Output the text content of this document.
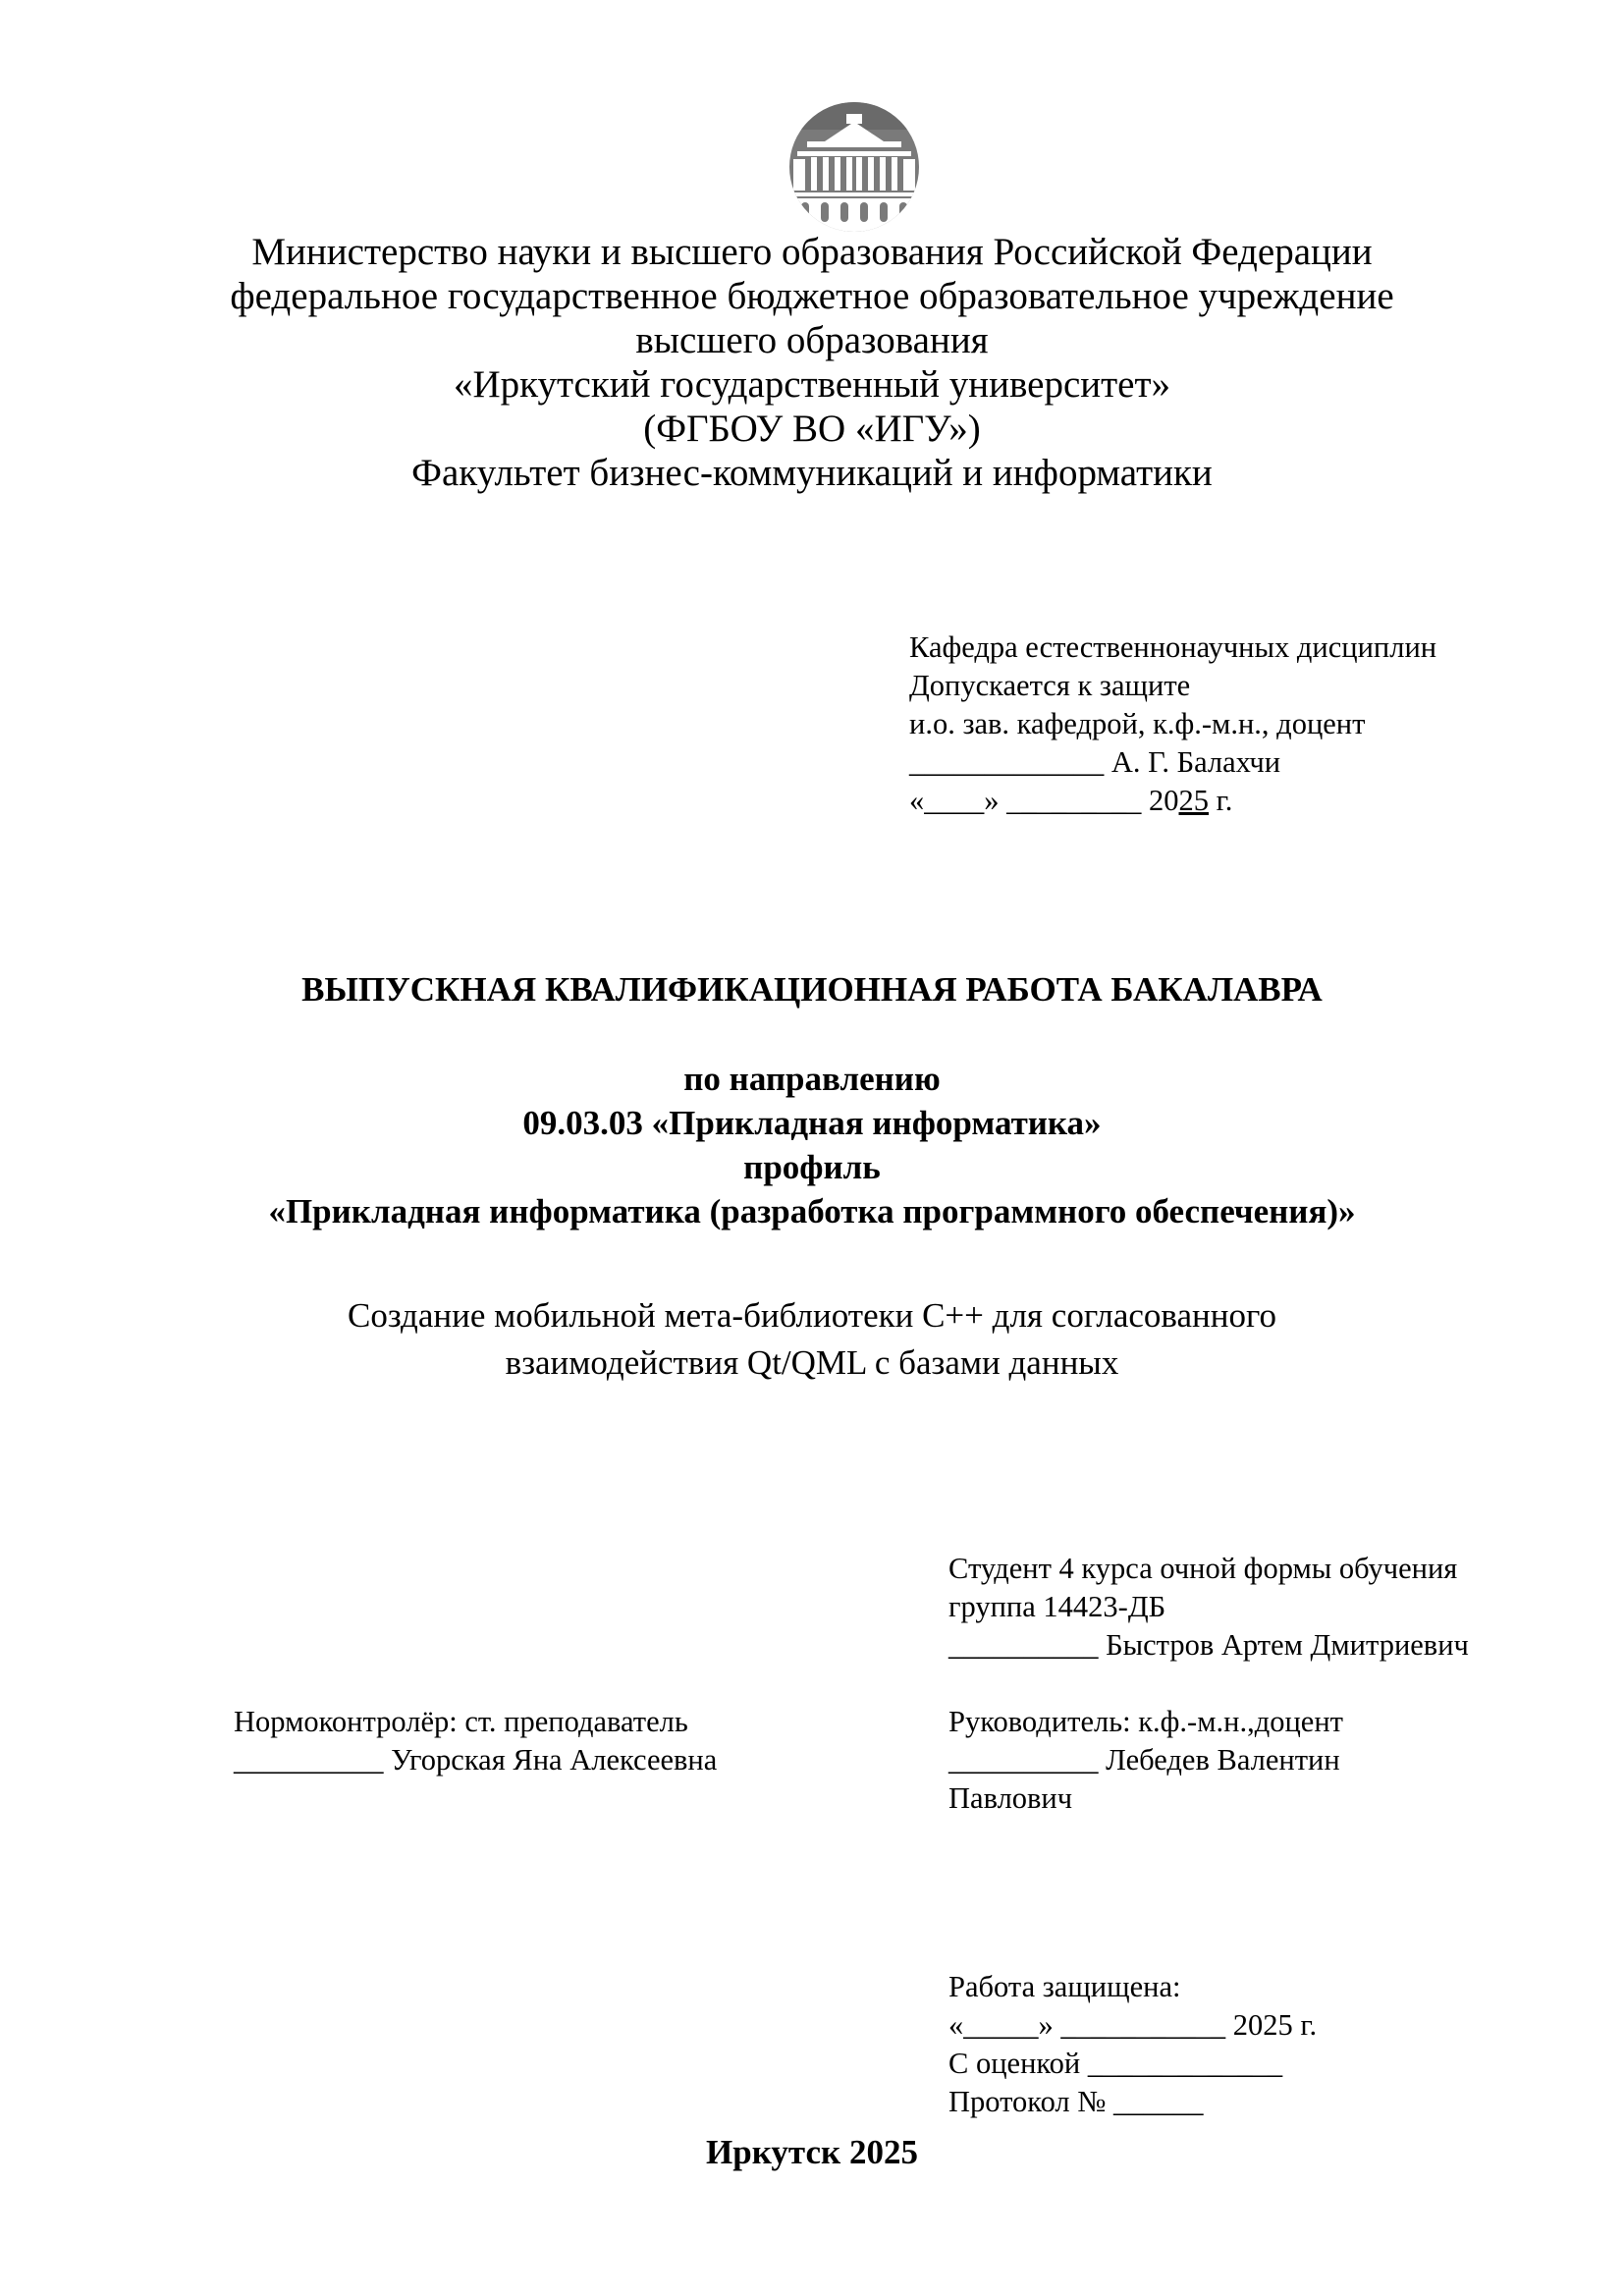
Министерство науки и высшего образования Российской Федерации
федеральное государственное бюджетное образовательное учреждение
высшего образования
«Иркутский государственный университет»
(ФГБОУ ВО «ИГУ»)
Факультет бизнес-коммуникаций и информатики
Кафедра естественнонаучных дисциплин
Допускается к защите
и.о. зав. кафедрой, к.ф.-м.н., доцент
_____________ А. Г. Балахчи
«____» _________ 2025 г.
ВЫПУСКНАЯ КВАЛИФИКАЦИОННАЯ РАБОТА БАКАЛАВРА
по направлению
09.03.03 «Прикладная информатика»
профиль
«Прикладная информатика (разработка программного обеспечения)»
Создание мобильной мета-библиотеки С++ для согласованного
взаимодействия Qt/QML с базами данных
Студент 4 курса очной формы обучения
группа 14423-ДБ
__________ Быстров Артем Дмитриевич
Нормоконтролёр: ст. преподаватель
__________ Угорская Яна Алексеевна
Руководитель: к.ф.-м.н.,доцент
__________ Лебедев Валентин
Павлович
Работа защищена:
«_____» ___________ 2025 г.
С оценкой _____________
Протокол № ______
Иркутск 2025
